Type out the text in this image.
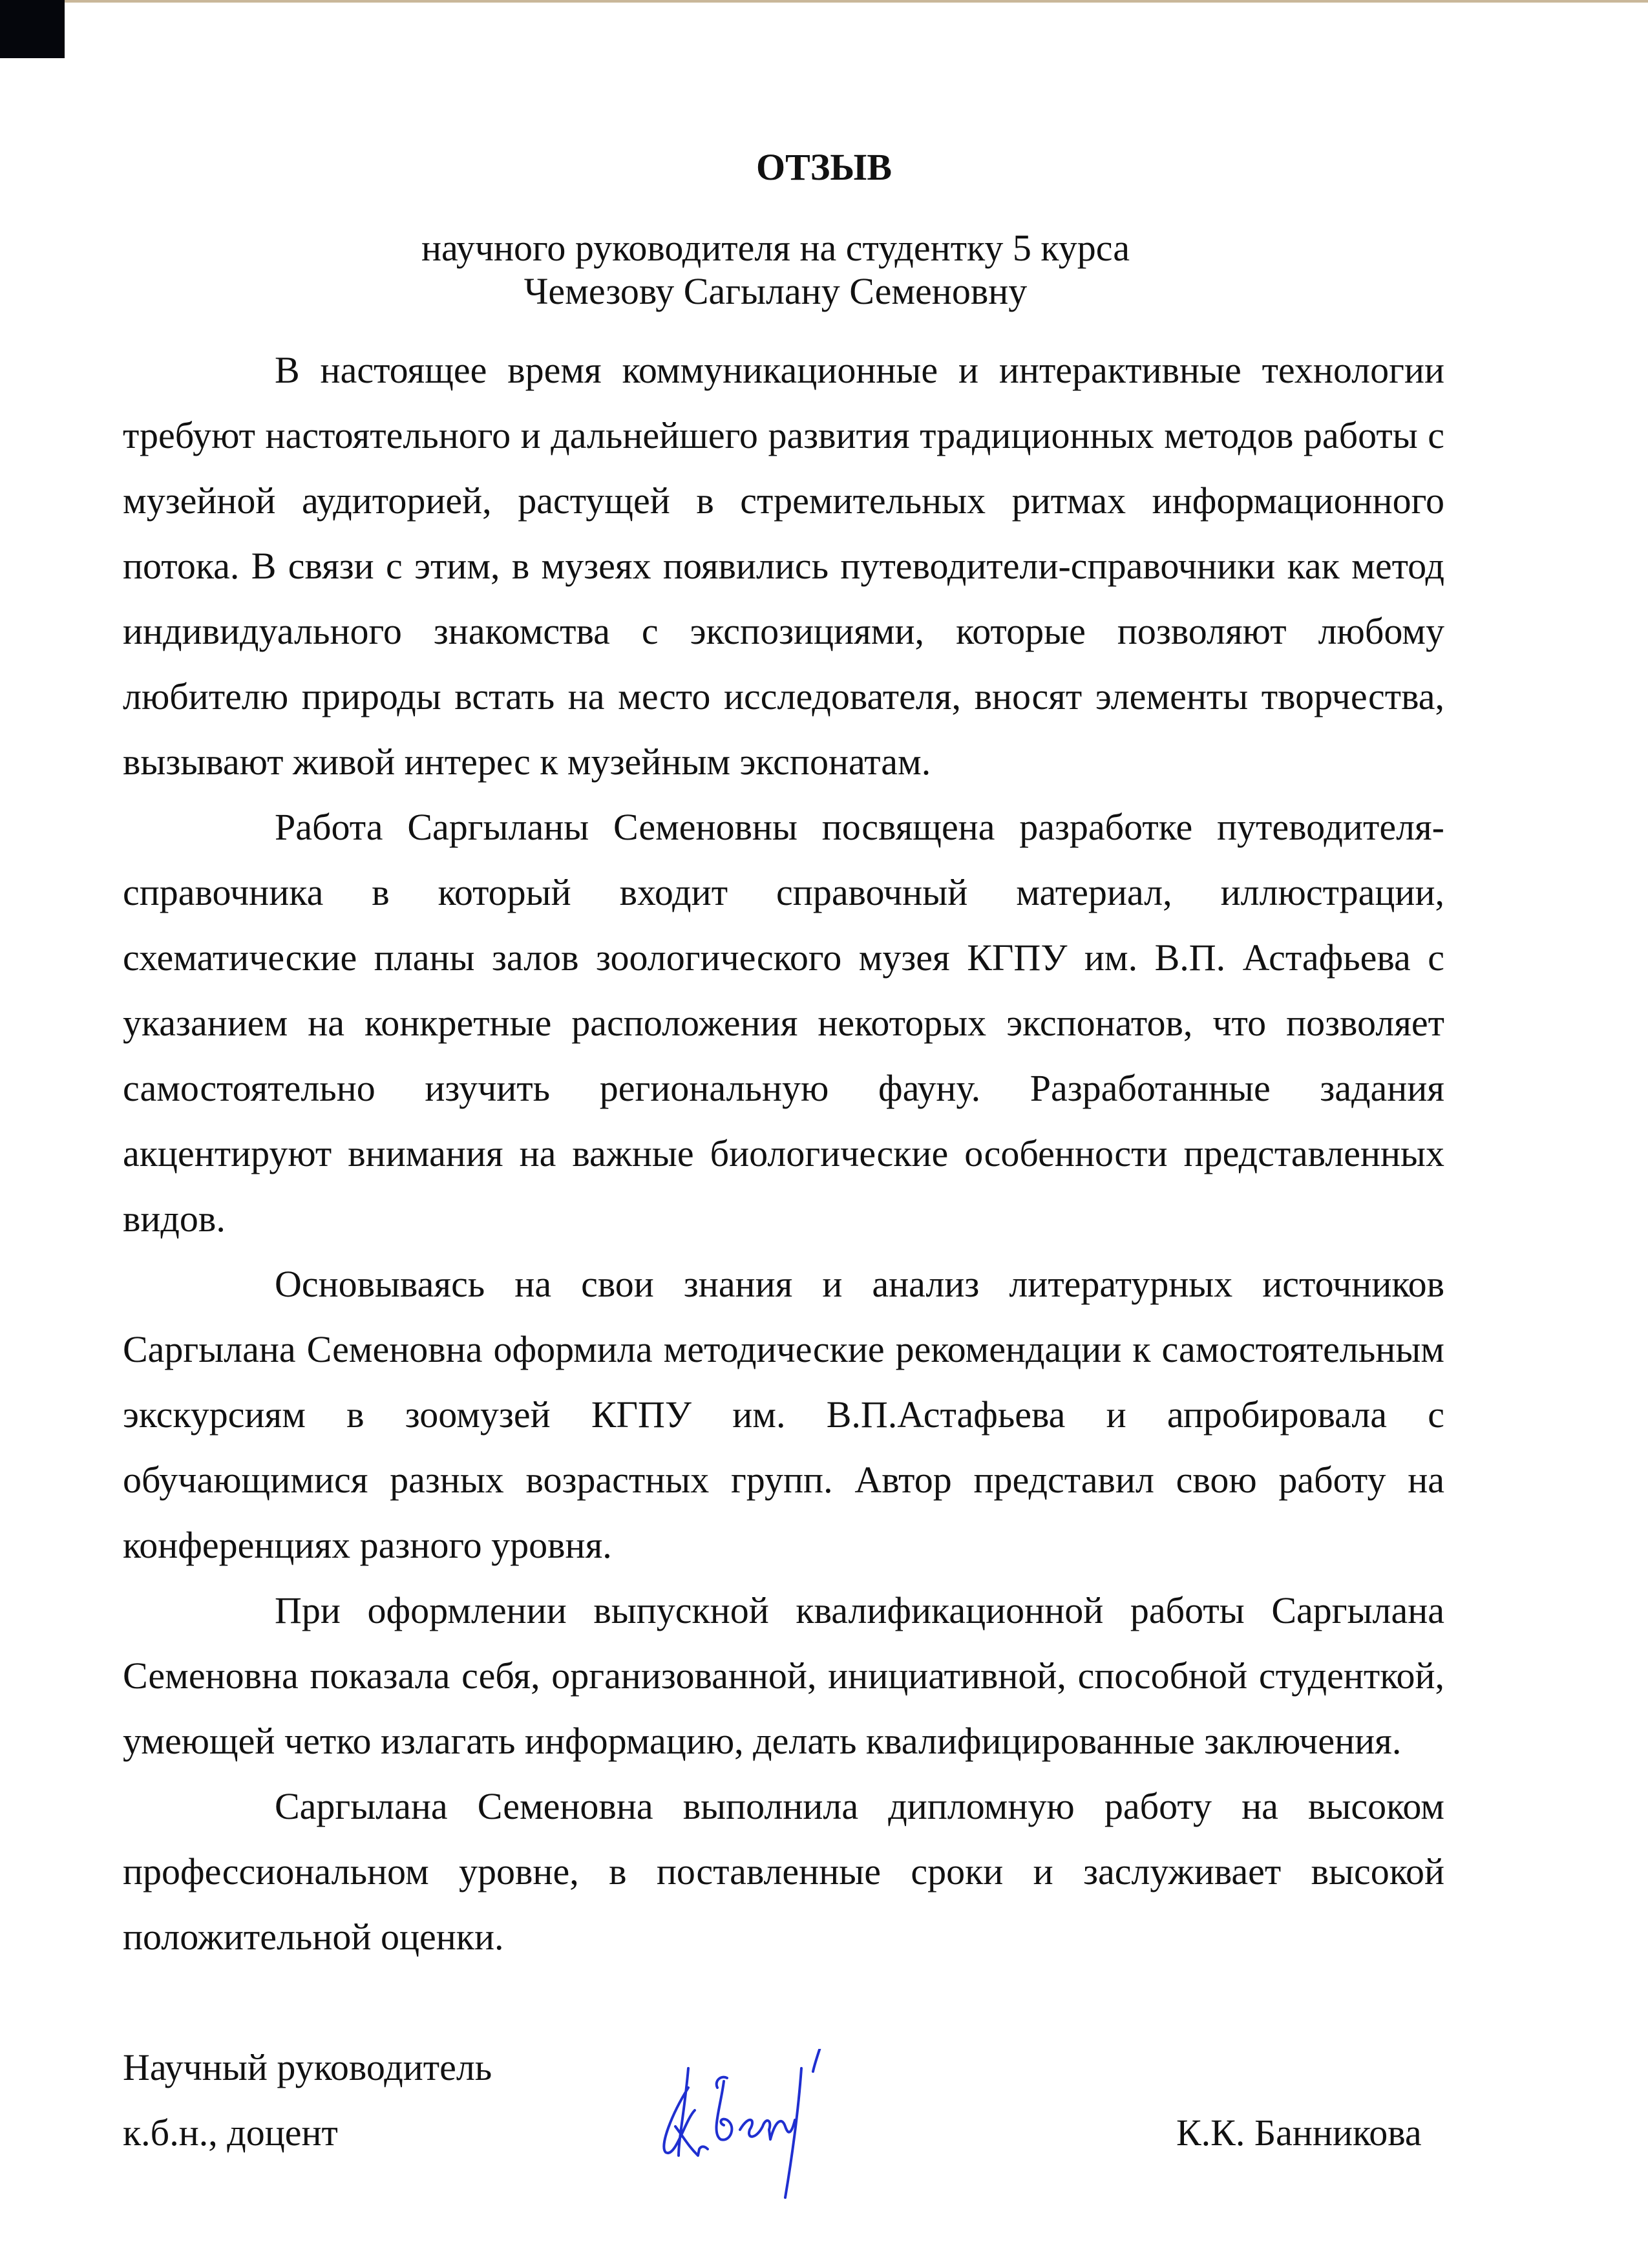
ОТЗЫВ
научного руководителя на студентку 5 курса
Чемезову Сагылану Семеновну

В настоящее время коммуникационные и интерактивные технологии требуют настоятельного и дальнейшего развития традиционных методов работы с музейной аудиторией, растущей в стремительных ритмах информационного потока. В связи с этим, в музеях появились путеводители-справочники как метод индивидуального знакомства с экспозициями, которые позволяют любому любителю природы встать на место исследователя, вносят элементы творчества, вызывают живой интерес к музейным экспонатам.

Работа Саргыланы Семеновны посвящена разработке путеводителя-справочника в который входит справочный материал, иллюстрации, схематические планы залов зоологического музея КГПУ им. В.П. Астафьева с указанием на конкретные расположения некоторых экспонатов, что позволяет самостоятельно изучить региональную фауну. Разработанные задания акцентируют внимания на важные биологические особенности представленных видов.

Основываясь на свои знания и анализ литературных источников Саргылана Семеновна оформила методические рекомендации к самостоятельным экскурсиям в зоомузей КГПУ им. В.П.Астафьева и апробировала с обучающимися разных возрастных групп. Автор представил свою работу на конференциях разного уровня.

При оформлении выпускной квалификационной работы Саргылана Семеновна показала себя, организованной, инициативной, способной студенткой, умеющей четко излагать информацию, делать квалифицированные заключения.

Саргылана Семеновна выполнила дипломную работу на высоком профессиональном уровне, в поставленные сроки и заслуживает высокой положительной оценки.

Научный руководитель
к.б.н., доцент	К.К. Банникова
